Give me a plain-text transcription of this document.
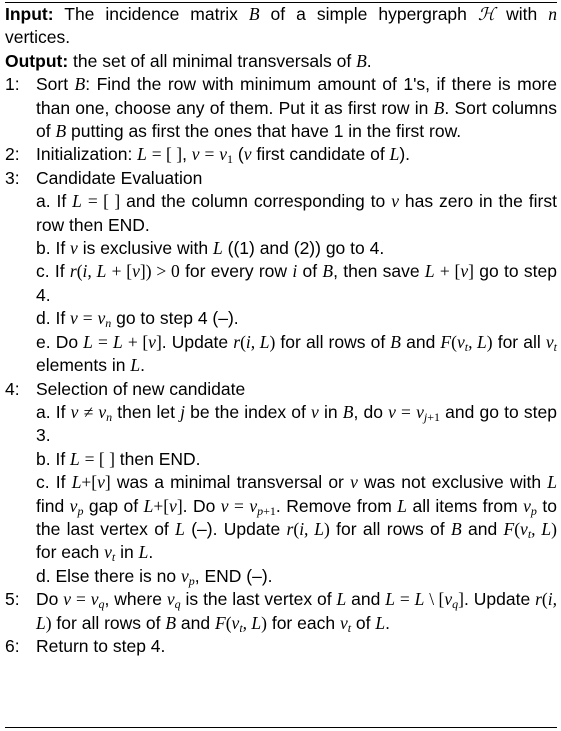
Input: The incidence matrix B of a simple hypergraph ℋ with n vertices.
Output: the set of all minimal transversals of B.
1: Sort B: Find the row with minimum amount of 1's, if there is more than one, choose any of them. Put it as first row in B. Sort columns of B putting as first the ones that have 1 in the first row.
2: Initialization: L = [ ], $v = v_1$ (v first candidate of L).
3: Candidate Evaluation
a. If L = [ ] and the column corresponding to v has zero in the first row then END.
b. If v is exclusive with L ((1) and (2)) go to 4.
c. If r(i, L + [v]) > 0 for every row i of B, then save L + [v] go to step 4.
d. If $v = v_n$ go to step 4 (–).
e. Do L = L + [v]. Update r(i, L) for all rows of B and $F(v_t$, L) for all $v_t$ elements in L.
4: Selection of new candidate
a. If $v \ne v_n$ then let j be the index of v in B, do $v = v_{j+1}$ and go to step 3.
b. If L = [ ] then END.
c. If L+[v] was a minimal transversal or v was not exclusive with L find $v_p$ gap of L+[v]. Do $v = v_{p+1}$. Remove from L all items from $v_p$ to the last vertex of L (–). Update r(i, L) for all rows of B and $F(v_t$, L) for each $v_t$ in L.
d. Else there is no $v_p$, END (–).
5: Do $v = v_q$, where $v_q$ is the last vertex of L and L = L \ $[v_q]$. Update r(i, L) for all rows of B and $F(v_t$, L) for each $v_t$ of L.
6: Return to step 4.
